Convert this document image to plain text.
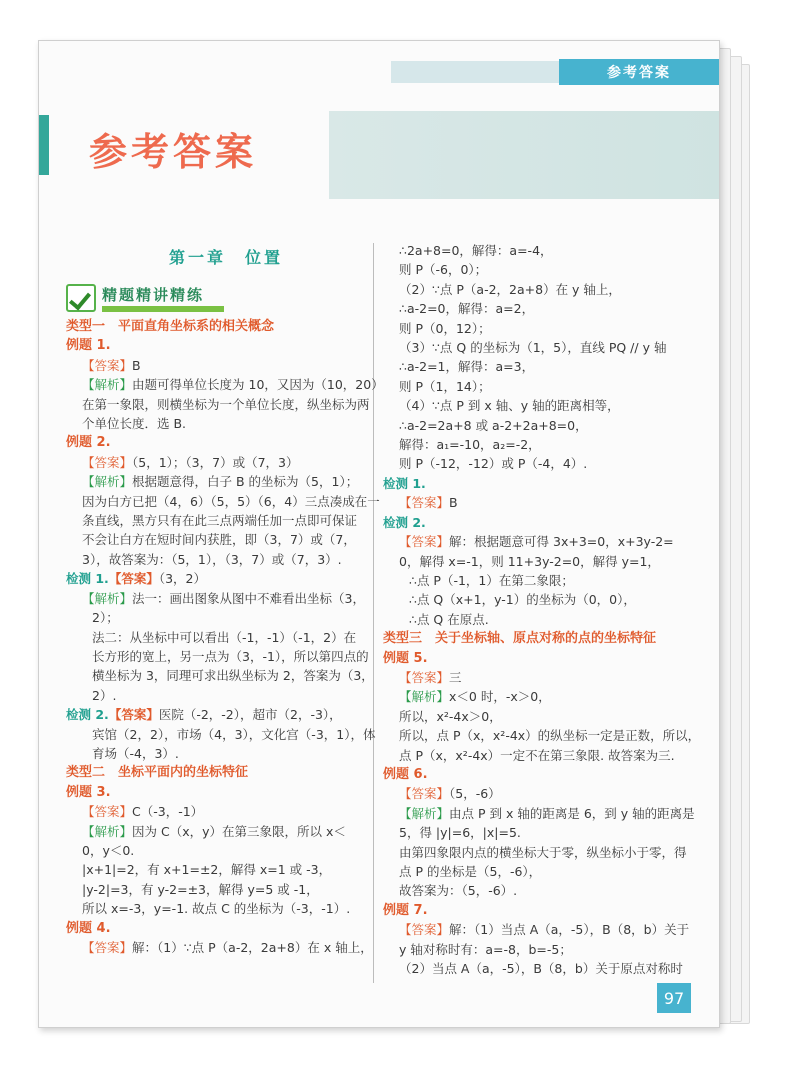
参考答案
参考答案
第一章　位置
精题精讲精练
类型一　平面直角坐标系的相关概念
例题 1.
【答案】B
【解析】由题可得单位长度为 10，又因为（10，20）
在第一象限，则横坐标为一个单位长度，纵坐标为两
个单位长度．选 B.
例题 2.
【答案】（5，1）；（3，7）或（7，3）
【解析】根据题意得，白子 B 的坐标为（5，1）；
因为白方已把（4，6）（5，5）（6，4）三点凑成在一
条直线，黑方只有在此三点两端任加一点即可保证
不会让白方在短时间内获胜，即（3，7）或（7，
3），故答案为：（5，1），（3，7）或（7，3）.
检测 1.【答案】（3，2）
【解析】法一：画出图象从图中不难看出坐标（3，
2）；
法二：从坐标中可以看出（-1，-1）（-1，2）在
长方形的宽上，另一点为（3，-1），所以第四点的
横坐标为 3，同理可求出纵坐标为 2，答案为（3，
2）.
检测 2.【答案】医院（-2，-2），超市（2，-3），
宾馆（2，2），市场（4，3），文化宫（-3，1），体
育场（-4，3）.
类型二　坐标平面内的坐标特征
例题 3.
【答案】C（-3，-1）
【解析】因为 C（x，y）在第三象限，所以 x＜
0，y＜0.
|x+1|=2，有 x+1=±2，解得 x=1 或 -3，
|y-2|=3，有 y-2=±3，解得 y=5 或 -1，
所以 x=-3，y=-1. 故点 C 的坐标为（-3，-1）.
例题 4.
【答案】解：（1）∵点 P（a-2，2a+8）在 x 轴上，
∴2a+8=0，解得：a=-4，
则 P（-6，0）；
（2）∵点 P（a-2，2a+8）在 y 轴上，
∴a-2=0，解得：a=2，
则 P（0，12）；
（3）∵点 Q 的坐标为（1，5），直线 PQ // y 轴
∴a-2=1，解得：a=3，
则 P（1，14）；
（4）∵点 P 到 x 轴、y 轴的距离相等，
∴a-2=2a+8 或 a-2+2a+8=0，
解得：a₁=-10，a₂=-2，
则 P（-12，-12）或 P（-4，4）.
检测 1.
【答案】B
检测 2.
【答案】解：根据题意可得 3x+3=0，x+3y-2=
0，解得 x=-1，则 11+3y-2=0，解得 y=1，
∴点 P（-1，1）在第二象限；
∴点 Q（x+1，y-1）的坐标为（0，0），
∴点 Q 在原点.
类型三　关于坐标轴、原点对称的点的坐标特征
例题 5.
【答案】三
【解析】x＜0 时，-x＞0，
所以，x²-4x＞0，
所以，点 P（x，x²-4x）的纵坐标一定是正数，所以，
点 P（x，x²-4x）一定不在第三象限. 故答案为三.
例题 6.
【答案】（5，-6）
【解析】由点 P 到 x 轴的距离是 6，到 y 轴的距离是
5，得 |y|=6，|x|=5.
由第四象限内点的横坐标大于零，纵坐标小于零，得
点 P 的坐标是（5，-6），
故答案为：（5，-6）.
例题 7.
【答案】解：（1）当点 A（a，-5），B（8，b）关于
y 轴对称时有：a=-8，b=-5；
（2）当点 A（a，-5），B（8，b）关于原点对称时
97
